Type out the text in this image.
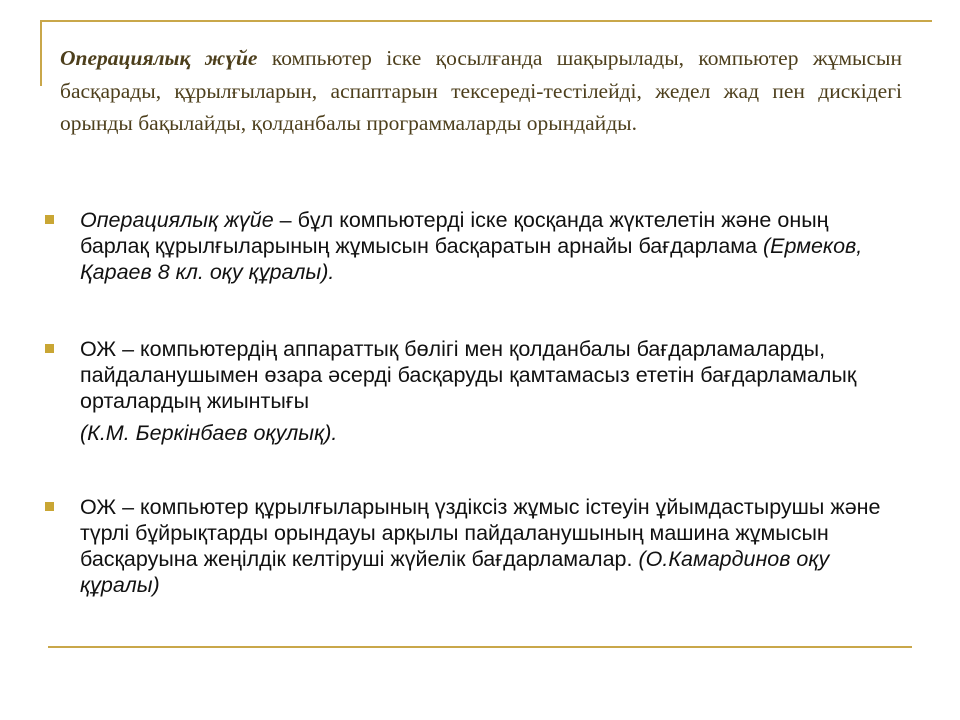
Операциялық жүйе компьютер іске қосылғанда шақырылады, компьютер жұмысын басқарады, құрылғыларын, аспаптарын тексереді-тестілейді, жедел жад пен дискідегі орынды бақылайды, қолданбалы программаларды орындайды.
Операциялық жүйе – бұл компьютерді іске қосқанда жүктелетін және оның барлақ құрылғыларының жұмысын басқаратын арнайы бағдарлама (Ермеков, Қараев 8 кл. оқу құралы).
ОЖ – компьютердің аппараттық бөлігі мен қолданбалы бағдарламаларды, пайдаланушымен өзара әсерді басқаруды қамтамасыз ететін бағдарламалық орталардың жиынтығы
(К.М. Беркінбаев оқулық).
ОЖ – компьютер құрылғыларының үздіксіз жұмыс істеуін ұйымдастырушы және түрлі бұйрықтарды орындауы арқылы пайдаланушының машина жұмысын басқаруына жеңілдік келтіруші жүйелік бағдарламалар. (О.Камардинов оқу құралы)
